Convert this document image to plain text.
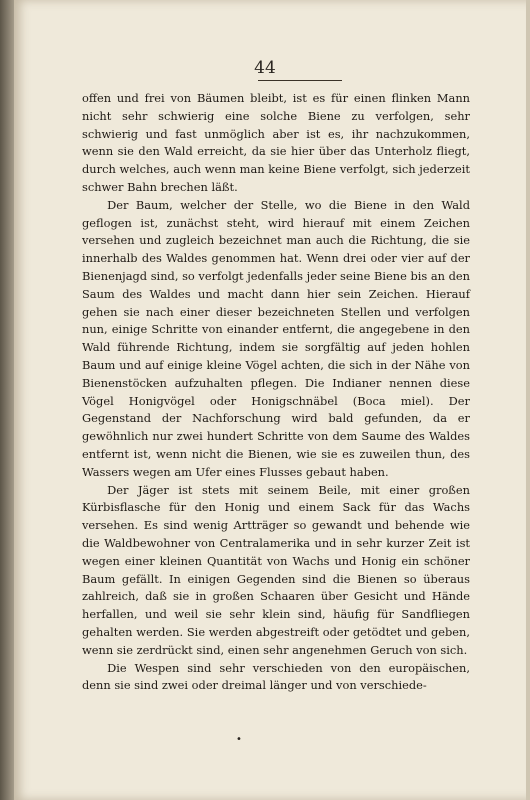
44

offen und frei von Bäumen bleibt, ist es für einen flinken Mann nicht sehr schwierig eine solche Biene zu verfolgen, sehr schwierig und fast unmöglich aber ist es, ihr nachzukommen, wenn sie den Wald erreicht, da sie hier über das Unterholz fliegt, durch welches, auch wenn man keine Biene verfolgt, sich jederzeit schwer Bahn brechen läßt.

Der Baum, welcher der Stelle, wo die Biene in den Wald geflogen ist, zunächst steht, wird hierauf mit einem Zeichen versehen und zugleich bezeichnet man auch die Richtung, die sie innerhalb des Waldes genommen hat. Wenn drei oder vier auf der Bienenjagd sind, so verfolgt jedenfalls jeder seine Biene bis an den Saum des Waldes und macht dann hier sein Zeichen. Hierauf gehen sie nach einer dieser bezeichneten Stellen und verfolgen nun, einige Schritte von einander entfernt, die angegebene in den Wald führende Richtung, indem sie sorgfältig auf jeden hohlen Baum und auf einige kleine Vögel achten, die sich in der Nähe von Bienenstöcken aufzuhalten pflegen. Die Indianer nennen diese Vögel Honigvögel oder Honigschnäbel (Boca miel). Der Gegenstand der Nachforschung wird bald gefunden, da er gewöhnlich nur zwei hundert Schritte von dem Saume des Waldes entfernt ist, wenn nicht die Bienen, wie sie es zuweilen thun, des Wassers wegen am Ufer eines Flusses gebaut haben.

Der Jäger ist stets mit seinem Beile, mit einer großen Kürbisflasche für den Honig und einem Sack für das Wachs versehen. Es sind wenig Artträger so gewandt und behende wie die Waldbewohner von Centralamerika und in sehr kurzer Zeit ist wegen einer kleinen Quantität von Wachs und Honig ein schöner Baum gefällt. In einigen Gegenden sind die Bienen so überaus zahlreich, daß sie in großen Schaaren über Gesicht und Hände herfallen, und weil sie sehr klein sind, häufig für Sandfliegen gehalten werden. Sie werden abgestreift oder getödtet und geben, wenn sie zerdrückt sind, einen sehr angenehmen Geruch von sich.

Die Wespen sind sehr verschieden von den europäischen, denn sie sind zwei oder dreimal länger und von verschiede-

•
